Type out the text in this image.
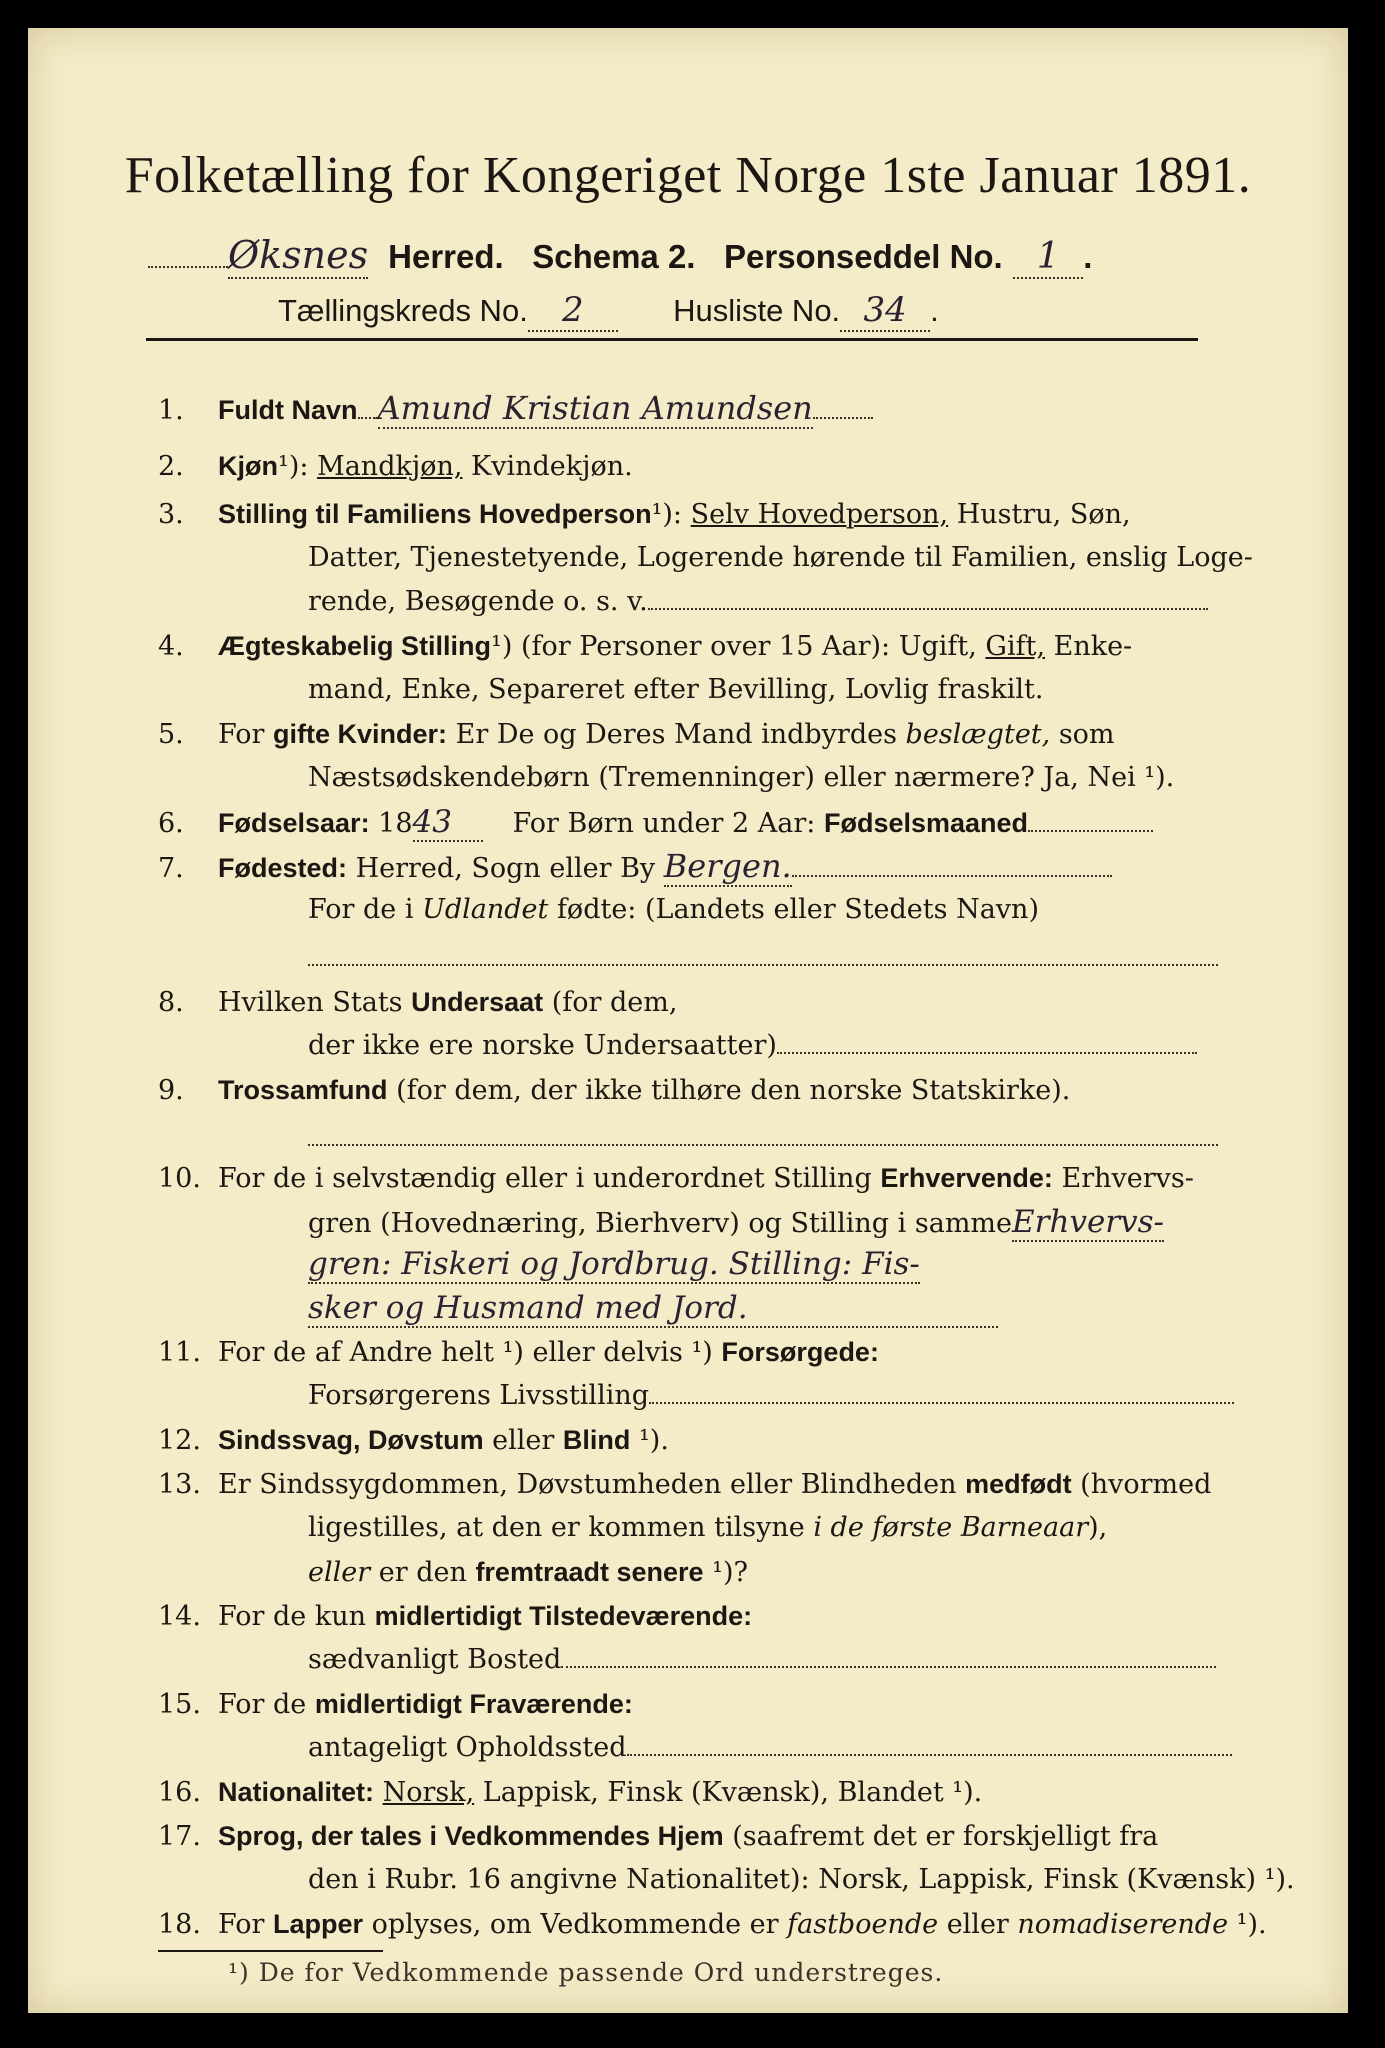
Folketælling for Kongeriget Norge 1ste Januar 1891.
Øksnes Herred. Schema 2. Personseddel No. 1 .
Tællingskreds No. 2	Husliste No. 34 .
1. Fuldt Navn Amund Kristian Amundsen
2. Kjøn¹): Mandkjøn, Kvindekjøn.
3. Stilling til Familiens Hovedperson¹): Selv Hovedperson, Hustru, Søn,
Datter, Tjenestetyende, Logerende hørende til Familien, enslig Loge-
rende, Besøgende o. s. v.
4. Ægteskabelig Stilling¹) (for Personer over 15 Aar): Ugift, Gift, Enke-
mand, Enke, Separeret efter Bevilling, Lovlig fraskilt.
5. For gifte Kvinder: Er De og Deres Mand indbyrdes beslægtet, som
Næstsødskendebørn (Tremenninger) eller nærmere? Ja, Nei ¹).
6. Fødselsaar: 1843 For Børn under 2 Aar: Fødselsmaaned
7. Fødested: Herred, Sogn eller By Bergen.
For de i Udlandet fødte: (Landets eller Stedets Navn)
8. Hvilken Stats Undersaat (for dem,
der ikke ere norske Undersaatter)
9. Trossamfund (for dem, der ikke tilhøre den norske Statskirke).
10. For de i selvstændig eller i underordnet Stilling Erhvervende: Erhvervs-
gren (Hovednæring, Bierhverv) og Stilling i sammeErhvervs-
gren: Fiskeri og Jordbrug. Stilling: Fis-
sker og Husmand med Jord.
11. For de af Andre helt ¹) eller delvis ¹) Forsørgede:
Forsørgerens Livsstilling
12. Sindssvag, Døvstum eller Blind ¹).
13. Er Sindssygdommen, Døvstumheden eller Blindheden medfødt (hvormed
ligestilles, at den er kommen tilsyne i de første Barneaar),
eller er den fremtraadt senere ¹)?
14. For de kun midlertidigt Tilstedeværende:
sædvanligt Bosted
15. For de midlertidigt Fraværende:
antageligt Opholdssted
16. Nationalitet: Norsk, Lappisk, Finsk (Kvænsk), Blandet ¹).
17. Sprog, der tales i Vedkommendes Hjem (saafremt det er forskjelligt fra
den i Rubr. 16 angivne Nationalitet): Norsk, Lappisk, Finsk (Kvænsk) ¹).
18. For Lapper oplyses, om Vedkommende er fastboende eller nomadiserende ¹).
¹) De for Vedkommende passende Ord understreges.
